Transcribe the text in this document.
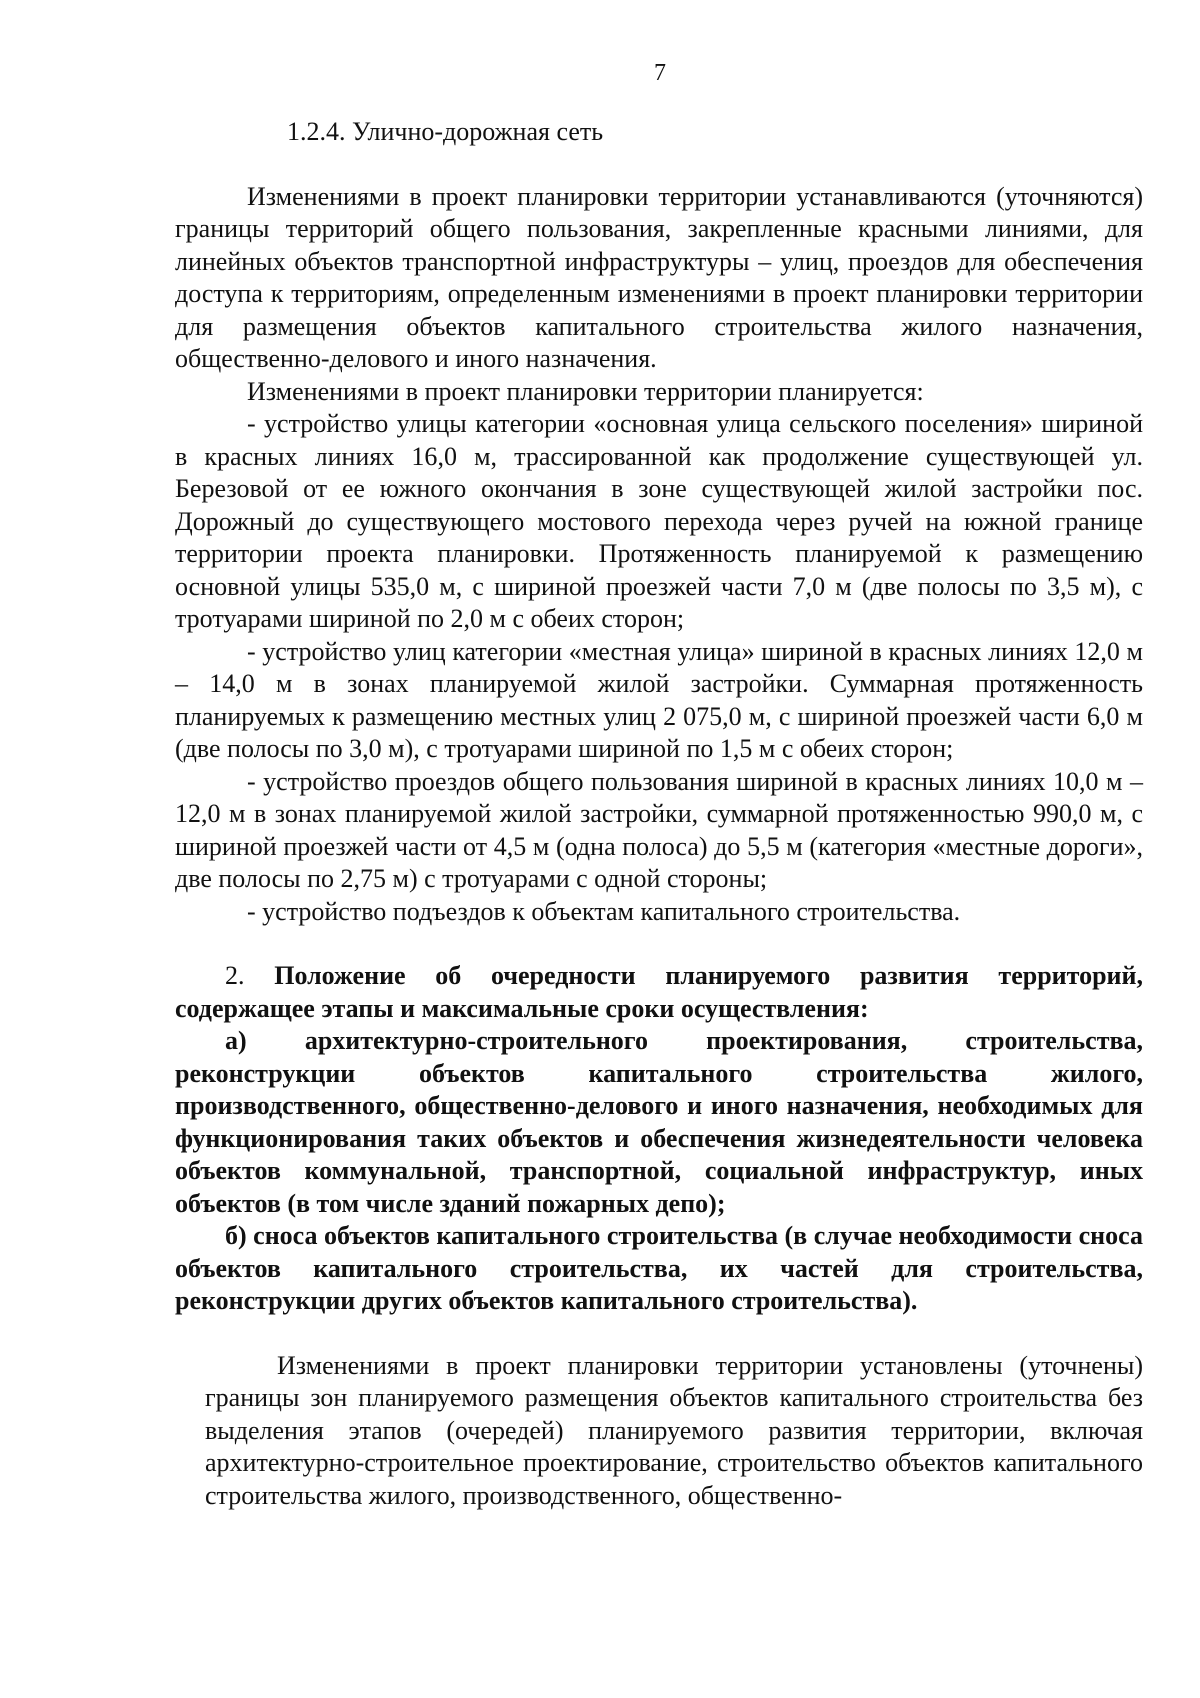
7
1.2.4. Улично-дорожная сеть

Изменениями в проект планировки территории устанавливаются (уточняются) границы территорий общего пользования, закрепленные красными линиями, для линейных объектов транспортной инфраструктуры – улиц, проездов для обеспечения доступа к территориям, определенным изменениями в проект планировки территории для размещения объектов капитального строительства жилого назначения, общественно-делового и иного назначения.

Изменениями в проект планировки территории планируется:

- устройство улицы категории «основная улица сельского поселения» шириной в красных линиях 16,0 м, трассированной как продолжение существующей ул. Березовой от ее южного окончания в зоне существующей жилой застройки пос. Дорожный до существующего мостового перехода через ручей на южной границе территории проекта планировки. Протяженность планируемой к размещению основной улицы 535,0 м, с шириной проезжей части 7,0 м (две полосы по 3,5 м), с тротуарами шириной по 2,0 м с обеих сторон;

- устройство улиц категории «местная улица» шириной в красных линиях 12,0 м – 14,0 м в зонах планируемой жилой застройки. Суммарная протяженность планируемых к размещению местных улиц 2 075,0 м, с шириной проезжей части 6,0 м (две полосы по 3,0 м), с тротуарами шириной по 1,5 м с обеих сторон;

- устройство проездов общего пользования шириной в красных линиях 10,0 м – 12,0 м в зонах планируемой жилой застройки, суммарной протяженностью 990,0 м, с шириной проезжей части от 4,5 м (одна полоса) до 5,5 м (категория «местные дороги», две полосы по 2,75 м) с тротуарами с одной стороны;

- устройство подъездов к объектам капитального строительства.

2. Положение об очередности планируемого развития территорий, содержащее этапы и максимальные сроки осуществления:

а) архитектурно-строительного проектирования, строительства, реконструкции объектов капитального строительства жилого, производственного, общественно-делового и иного назначения, необходимых для функционирования таких объектов и обеспечения жизнедеятельности человека объектов коммунальной, транспортной, социальной инфраструктур, иных объектов (в том числе зданий пожарных депо);

б) сноса объектов капитального строительства (в случае необходимости сноса объектов капитального строительства, их частей для строительства, реконструкции других объектов капитального строительства).

Изменениями в проект планировки территории установлены (уточнены) границы зон планируемого размещения объектов капитального строительства без выделения этапов (очередей) планируемого развития территории, включая архитектурно-строительное проектирование, строительство объектов капитального строительства жилого, производственного, общественно-
